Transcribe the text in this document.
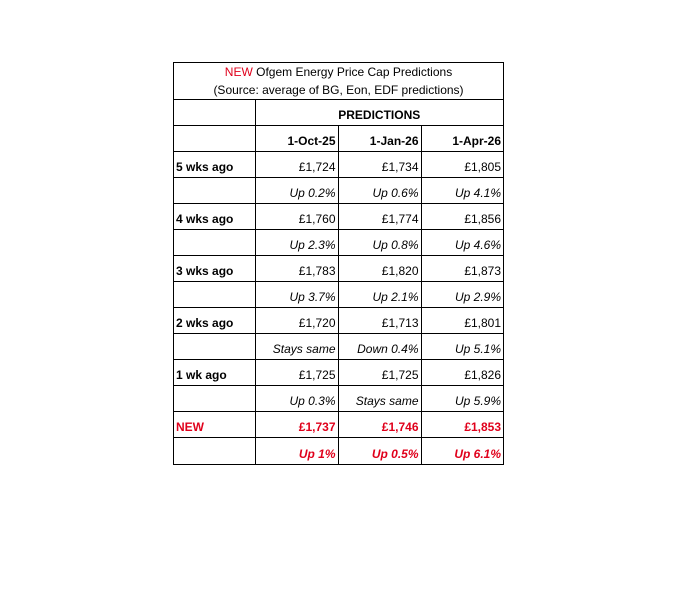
NEW Ofgem Energy Price Cap Predictions
(Source: average of BG, Eon, EDF predictions)
	PREDICTIONS		
	1-Oct-25	1-Jan-26	1-Apr-26
5 wks ago	£1,724	£1,734	£1,805
	Up 0.2%	Up 0.6%	Up 4.1%
4 wks ago	£1,760	£1,774	£1,856
	Up 2.3%	Up 0.8%	Up 4.6%
3 wks ago	£1,783	£1,820	£1,873
	Up 3.7%	Up 2.1%	Up 2.9%
2 wks ago	£1,720	£1,713	£1,801
	Stays same	Down 0.4%	Up 5.1%
1 wk ago	£1,725	£1,725	£1,826
	Up 0.3%	Stays same	Up 5.9%
NEW	£1,737	£1,746	£1,853
	Up 1%	Up 0.5%	Up 6.1%
